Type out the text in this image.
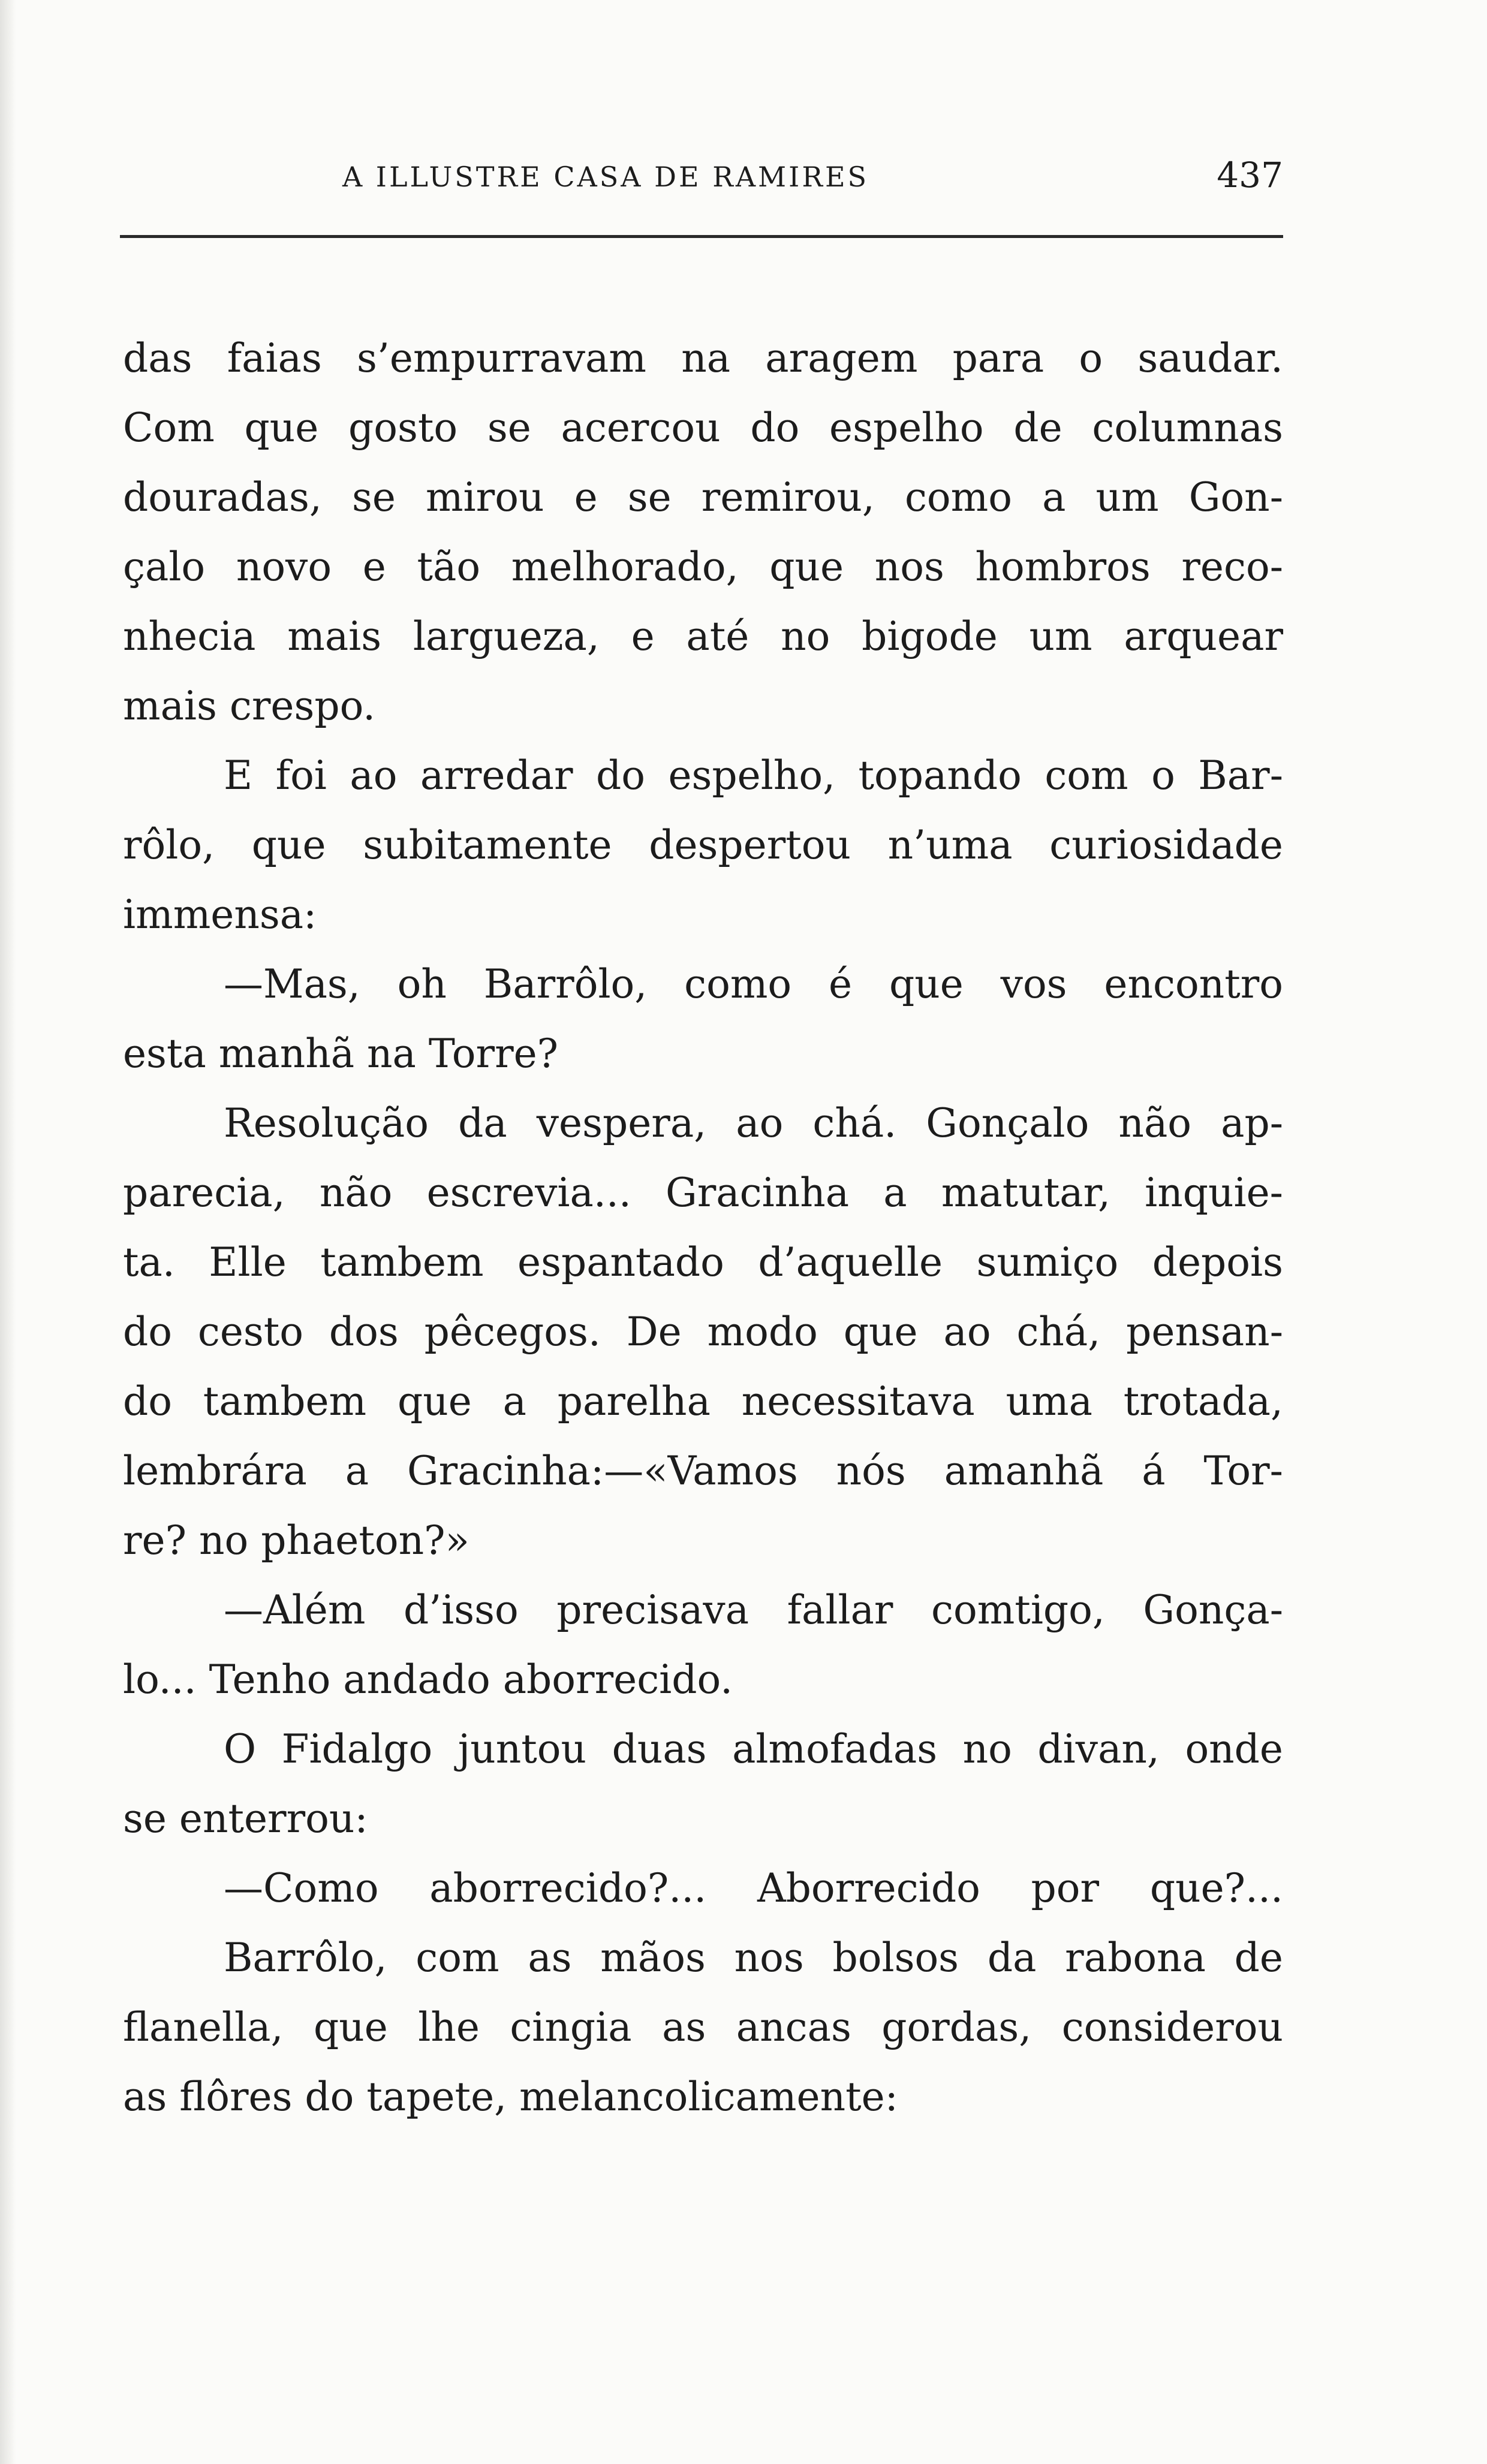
A ILLUSTRE CASA DE RAMIRES	437
das faias s’empurravam na aragem para o saudar.
Com que gosto se acercou do espelho de columnas
douradas, se mirou e se remirou, como a um Gon-
çalo novo e tão melhorado, que nos hombros reco-
nhecia mais largueza, e até no bigode um arquear
mais crespo.
E foi ao arredar do espelho, topando com o Bar-
rôlo, que subitamente despertou n’uma curiosidade
immensa:
—Mas, oh Barrôlo, como é que vos encontro
esta manhã na Torre?
Resolução da vespera, ao chá. Gonçalo não ap-
parecia, não escrevia... Gracinha a matutar, inquie-
ta. Elle tambem espantado d’aquelle sumiço depois
do cesto dos pêcegos. De modo que ao chá, pensan-
do tambem que a parelha necessitava uma trotada,
lembrára a Gracinha:—«Vamos nós amanhã á Tor-
re? no phaeton?»
—Além d’isso precisava fallar comtigo, Gonça-
lo... Tenho andado aborrecido.
O Fidalgo juntou duas almofadas no divan, onde
se enterrou:
—Como aborrecido?... Aborrecido por que?...
Barrôlo, com as mãos nos bolsos da rabona de
flanella, que lhe cingia as ancas gordas, considerou
as flôres do tapete, melancolicamente:
